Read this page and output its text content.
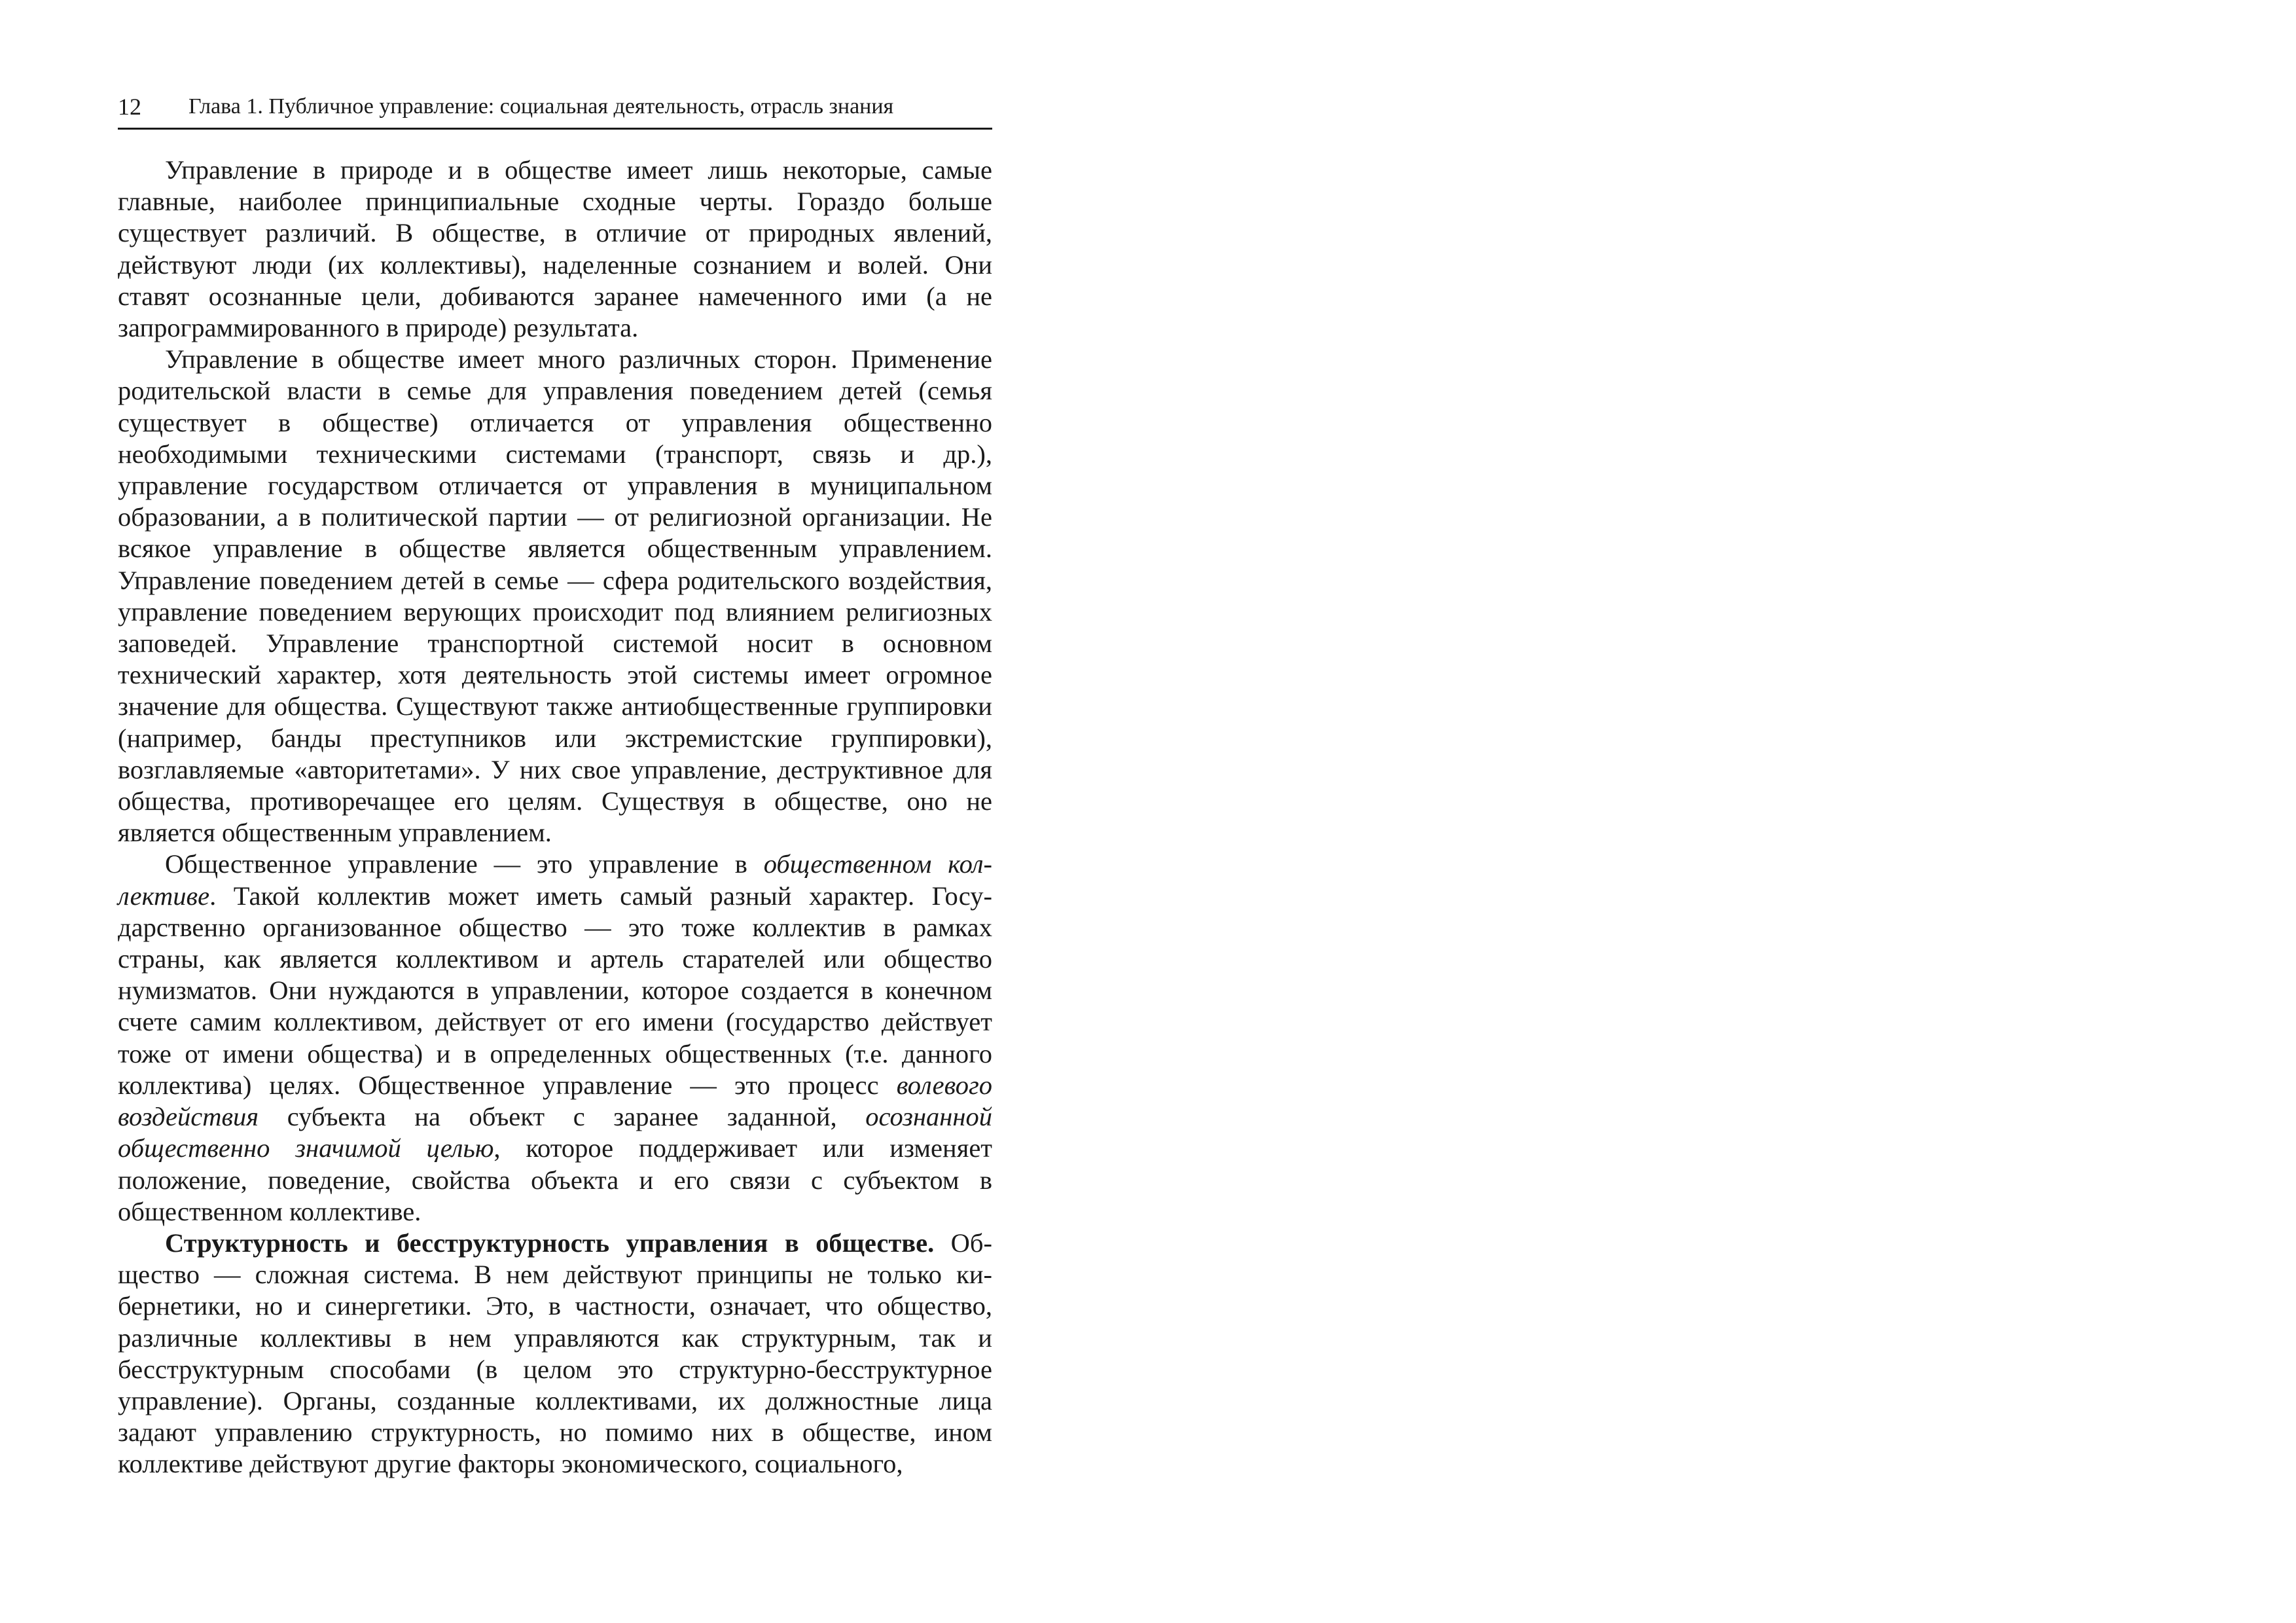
12 Глава 1. Публичное управление: социальная деятельность, отрасль знания

Управление в природе и в обществе имеет лишь некоторые, самые главные, наиболее принципиальные сходные черты. Гораздо больше существует различий. В обществе, в отличие от природных явлений, действуют люди (их коллективы), наделенные сознанием и волей. Они ставят осознанные цели, добиваются заранее намеченного ими (а не запрограммированного в природе) результата.

Управление в обществе имеет много различных сторон. Применение родительской власти в семье для управления поведением детей (семья существует в обществе) отличается от управления общественно необходимыми техническими системами (транспорт, связь и др.), управление государством отличается от управления в муниципальном образовании, а в политической партии — от религиозной организации. Не всякое управление в обществе является общественным управлением. Управление поведением детей в семье — сфера родительского воздействия, управление поведением верующих происходит под влиянием религиозных заповедей. Управление транспортной системой носит в основном технический характер, хотя деятельность этой системы имеет огромное значение для общества. Существуют также антиобщественные группировки (например, банды преступников или экстремистские группировки), возглавляемые «авторитетами». У них свое управление, деструктивное для общества, противоречащее его целям. Существуя в обществе, оно не является общественным управлением.

Общественное управление — это управление в общественном коллективе. Такой коллектив может иметь самый разный характер. Государственно организованное общество — это тоже коллектив в рамках страны, как является коллективом и артель старателей или общество нумизматов. Они нуждаются в управлении, которое создается в конечном счете самим коллективом, действует от его имени (государство действует тоже от имени общества) и в определенных общественных (т.е. данного коллектива) целях. Общественное управление — это процесс волевого воздействия субъекта на объект с заранее заданной, осознанной общественно значимой целью, которое поддерживает или изменяет положение, поведение, свойства объекта и его связи с субъектом в общественном коллективе.

Структурность и бесструктурность управления в обществе. Общество — сложная система. В нем действуют принципы не только кибернетики, но и синергетики. Это, в частности, означает, что общество, различные коллективы в нем управляются как структурным, так и бесструктурным способами (в целом это структурно-бесструктурное управление). Органы, созданные коллективами, их должностные лица задают управлению структурность, но помимо них в обществе, ином коллективе действуют другие факторы экономического, социального,
